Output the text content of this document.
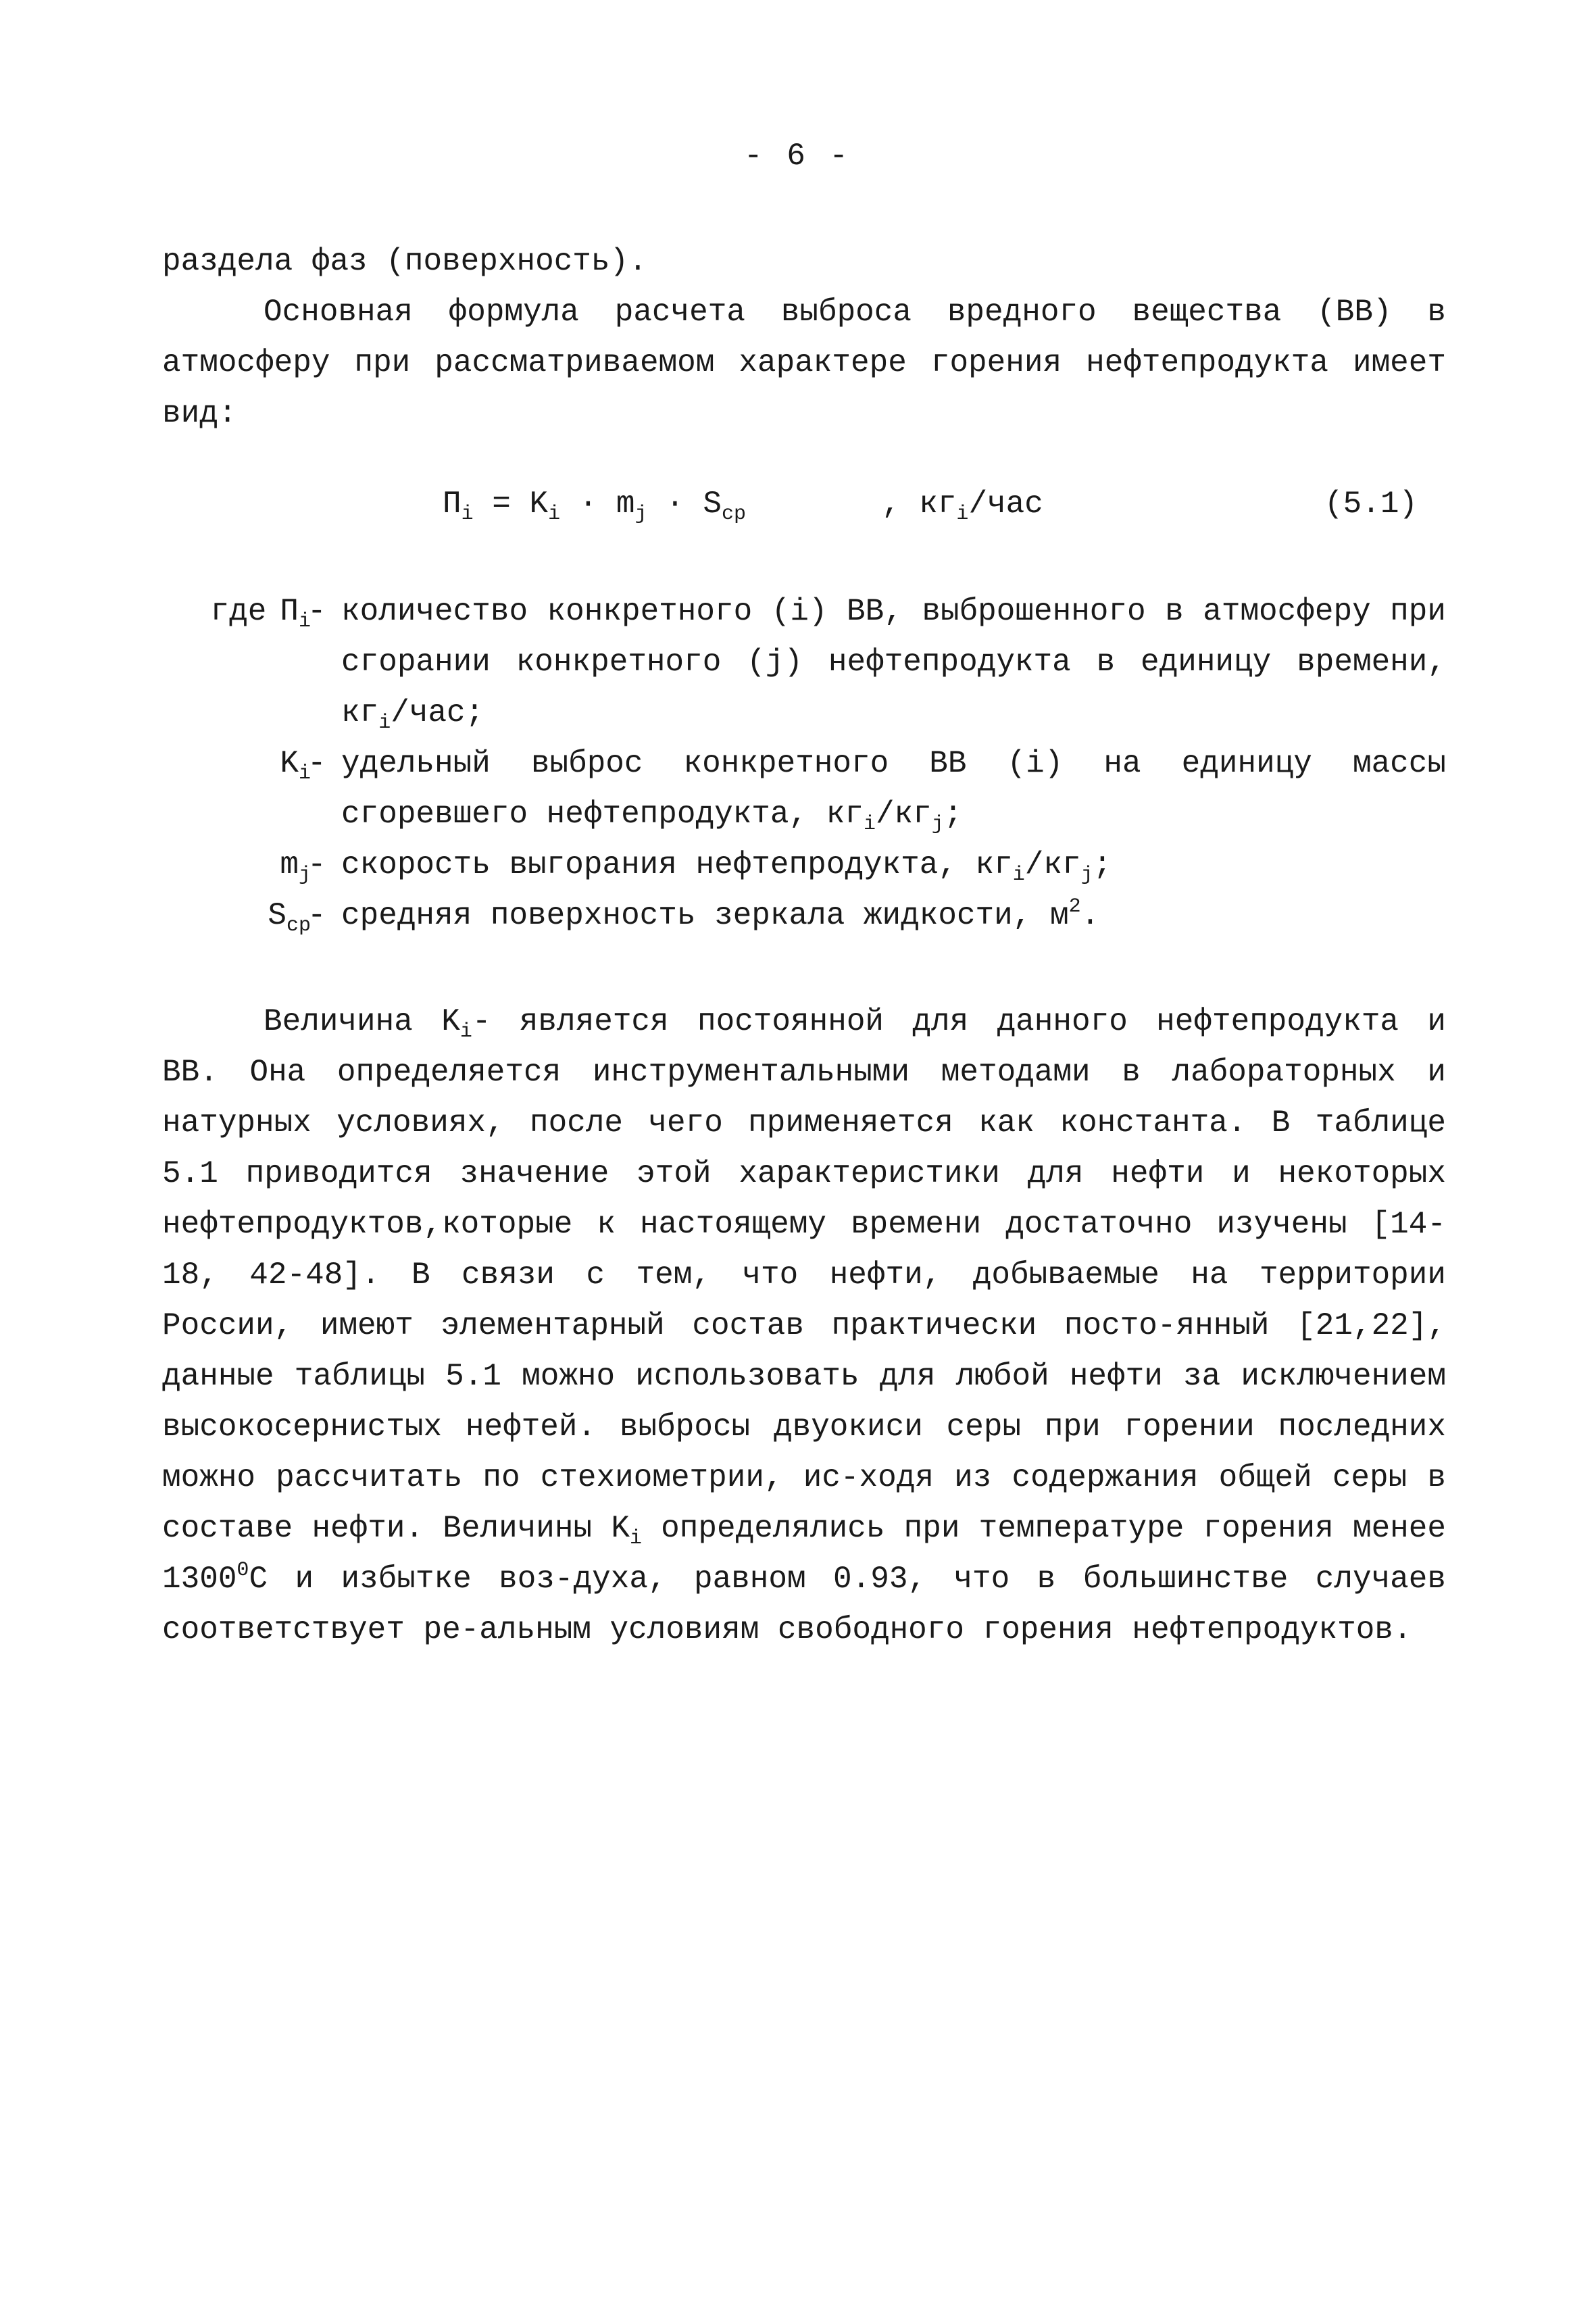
- 6 -

раздела фаз (поверхность).

Основная формула расчета выброса вредного вещества (ВВ) в атмосферу при рассматриваемом характере горения нефтепродукта имеет вид:

$П_i = K_i \cdot m_j \cdot S_{cp}$	, $кг_i$/час	(5.1)
где $П_i$
- количество конкретного (i) ВВ, выброшенного в атмосферу при сгорании конкретного (j) нефтепродукта в единицу времени, $кг_i$/час;
$K_i$
- удельный выброс конкретного ВВ (i) на единицу массы сгоревшего нефтепродукта, $кг_i/кг_j$;
$m_j$
- скорость выгорания нефтепродукта, $кг_i/кг_j$;
$S_{cp}$
- средняя поверхность зеркала жидкости, $м^2$.

Величина $K_i-$ является постоянной для данного нефтепродукта и ВВ. Она определяется инструментальными методами в лабораторных и натурных условиях, после чего применяется как константа. В таблице 5.1 приводится значение этой характеристики для нефти и некоторых нефтепродуктов,которые к настоящему времени достаточно изучены [14-18, 42-48]. В связи с тем, что нефти, добываемые на территории России, имеют элементарный состав практически посто-янный [21,22], данные таблицы 5.1 можно использовать для любой нефти за исключением высокосернистых нефтей. выбросы двуокиси серы при горении последних можно рассчитать по стехиометрии, ис-ходя из содержания общей серы в составе нефти. Величины $K_i$ определялись при температуре горения менее 1300$^0$С и избытке воз-духа, равном 0.93, что в большинстве случаев соответствует ре-альным условиям свободного горения нефтепродуктов.
